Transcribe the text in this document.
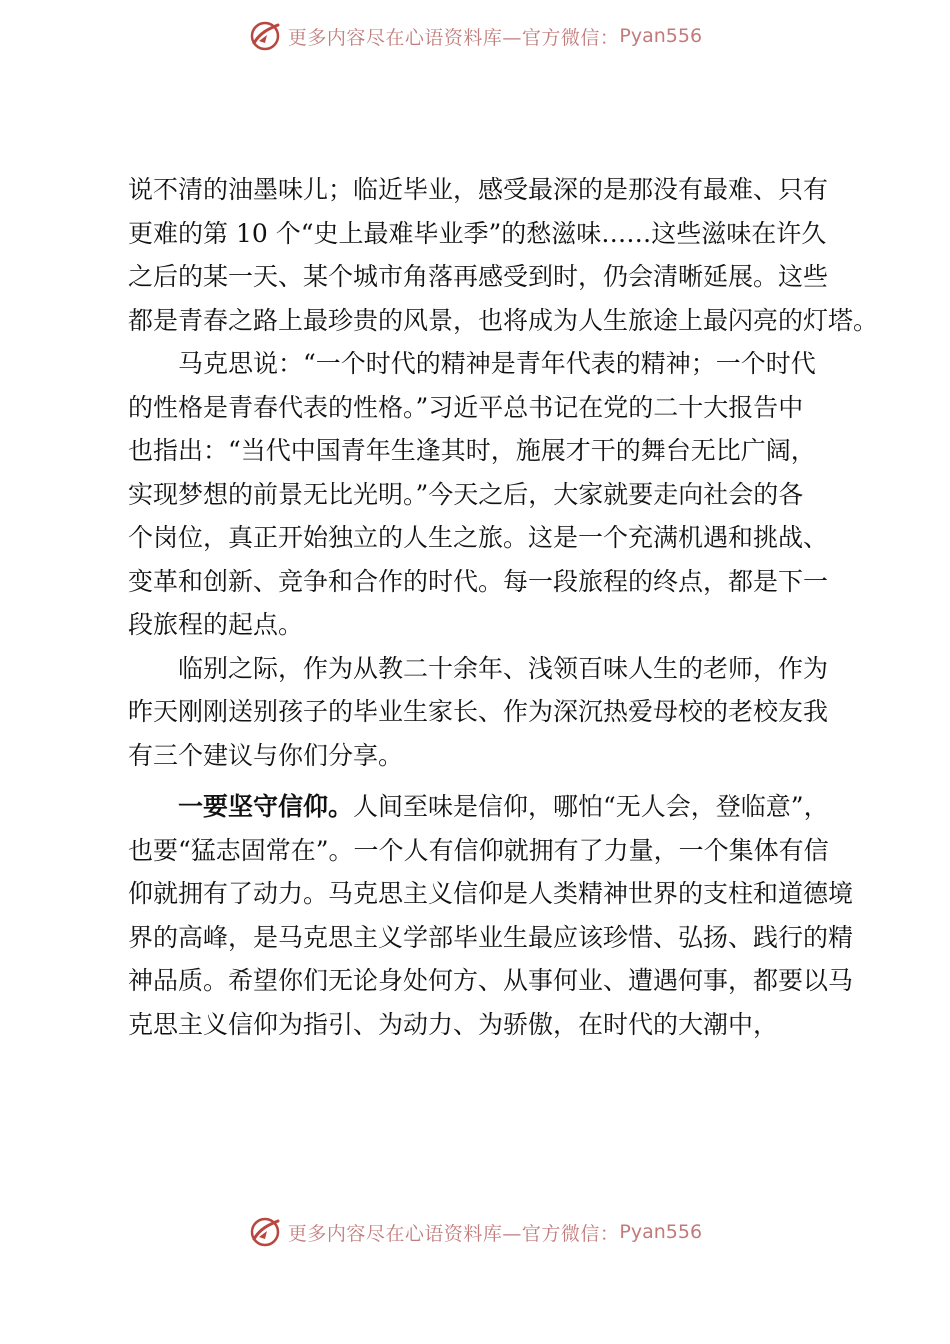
更多内容尽在心语资料库—官方微信： Pyan556
说不清的油墨味儿；临近毕业，感受最深的是那没有最难、只有
更难的第 10 个“史上最难毕业季”的愁滋味……这些滋味在许久
之后的某一天、某个城市角落再感受到时，仍会清晰延展。这些
都是青春之路上最珍贵的风景，也将成为人生旅途上最闪亮的灯塔。
马克思说：“一个时代的精神是青年代表的精神；一个时代
的性格是青春代表的性格。”习近平总书记在党的二十大报告中
也指出：“当代中国青年生逢其时，施展才干的舞台无比广阔，
实现梦想的前景无比光明。”今天之后，大家就要走向社会的各
个岗位，真正开始独立的人生之旅。这是一个充满机遇和挑战、
变革和创新、竞争和合作的时代。每一段旅程的终点，都是下一
段旅程的起点。
临别之际，作为从教二十余年、浅领百味人生的老师，作为
昨天刚刚送别孩子的毕业生家长、作为深沉热爱母校的老校友我
有三个建议与你们分享。
一要坚守信仰。人间至味是信仰，哪怕“无人会，登临意”，
也要“猛志固常在”。一个人有信仰就拥有了力量，一个集体有信
仰就拥有了动力。马克思主义信仰是人类精神世界的支柱和道德境
界的高峰，是马克思主义学部毕业生最应该珍惜、弘扬、践行的精
神品质。希望你们无论身处何方、从事何业、遭遇何事，都要以马
克思主义信仰为指引、为动力、为骄傲，在时代的大潮中，
更多内容尽在心语资料库—官方微信： Pyan556
